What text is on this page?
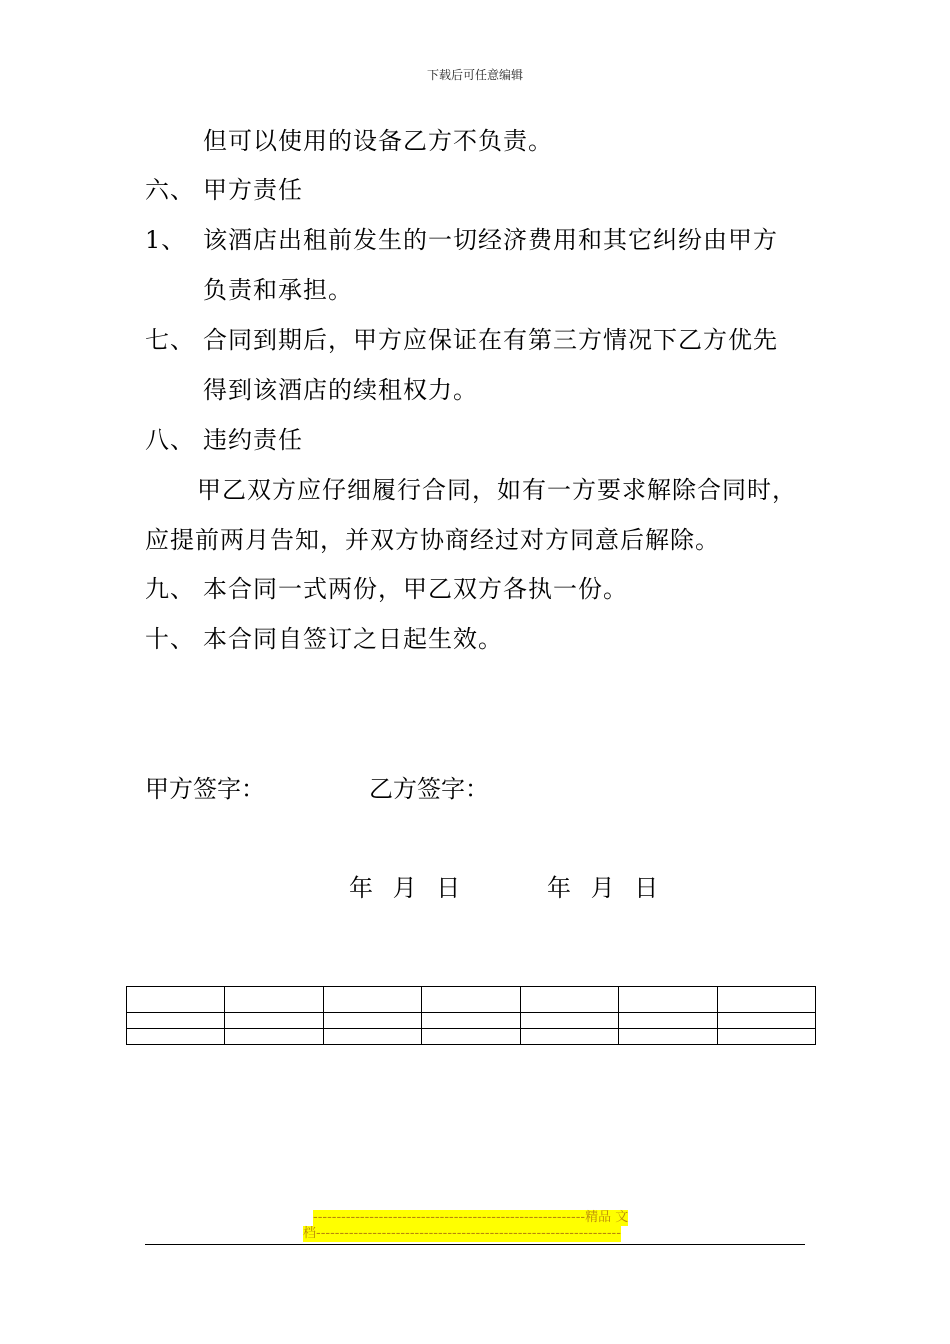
下载后可任意编辑
但可以使用的设备乙方不负责。
六、 甲方责任
1、 该酒店出租前发生的一切经济费用和其它纠纷由甲方
负责和承担。
七、 合同到期后，甲方应保证在有第三方情况下乙方优先
得到该酒店的续租权力。
八、 违约责任
甲乙双方应仔细履行合同，如有一方要求解除合同时，
应提前两月告知，并双方协商经过对方同意后解除。
九、 本合同一式两份，甲乙双方各执一份。
十、 本合同自签订之日起生效。
甲方签字：	乙方签字：
年 月 日	年 月 日

----------------------------------------------------------精品 文
档-----------------------------------------------------------------
